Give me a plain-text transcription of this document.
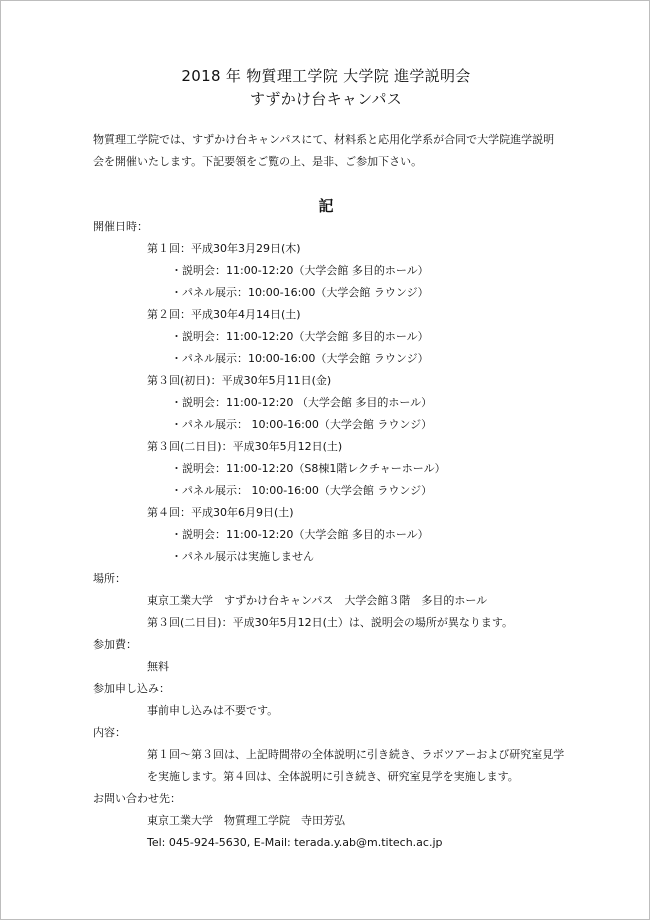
2018 年 物質理工学院 大学院 進学説明会
すずかけ台キャンパス
物質理工学院では、すずかけ台キャンパスにて、材料系と応用化学系が合同で大学院進学説明
会を開催いたします。下記要領をご覧の上、是非、ご参加下さい。
記
開催日時：
第１回：平成30年3月29日(木)
・説明会：11:00-12:20（大学会館 多目的ホール）
・パネル展示：10:00-16:00（大学会館 ラウンジ）
第２回：平成30年4月14日(土)
・説明会：11:00-12:20（大学会館 多目的ホール）
・パネル展示：10:00-16:00（大学会館 ラウンジ）
第３回(初日)：平成30年5月11日(金)
・説明会：11:00-12:20 （大学会館 多目的ホール）
・パネル展示： 10:00-16:00（大学会館 ラウンジ）
第３回(二日目)：平成30年5月12日(土)
・説明会：11:00-12:20（S8棟1階レクチャーホール）
・パネル展示： 10:00-16:00（大学会館 ラウンジ）
第４回：平成30年6月9日(土)
・説明会：11:00-12:20（大学会館 多目的ホール）
・パネル展示は実施しません
場所：
東京工業大学　すずかけ台キャンパス　大学会館３階　多目的ホール
第３回(二日目)：平成30年5月12日(土）は、説明会の場所が異なります。
参加費：
無料
参加申し込み：
事前申し込みは不要です。
内容：
第１回〜第３回は、上記時間帯の全体説明に引き続き、ラボツアーおよび研究室見学
を実施します。第４回は、全体説明に引き続き、研究室見学を実施します。
お問い合わせ先：
東京工業大学　物質理工学院　寺田芳弘
Tel: 045-924-5630, E-Mail: terada.y.ab@m.titech.ac.jp
